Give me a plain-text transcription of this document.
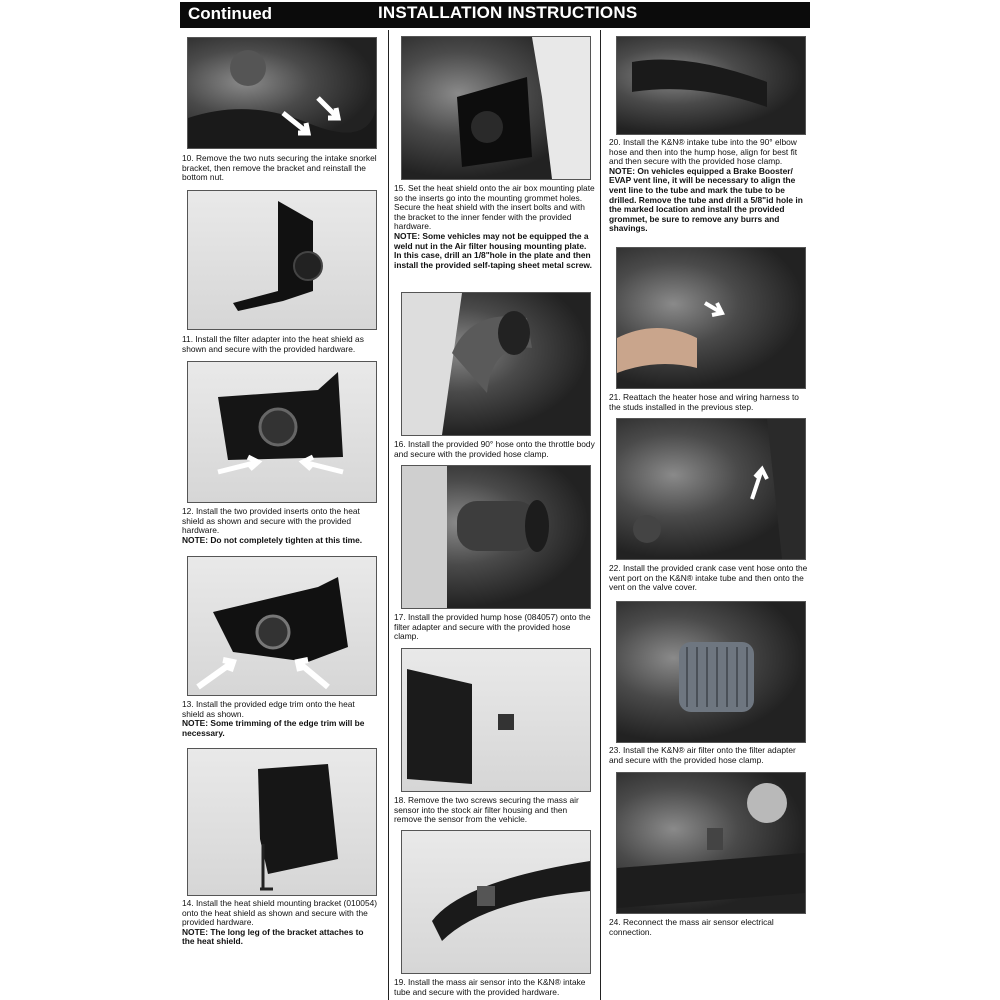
Continued	INSTALLATION INSTRUCTIONS

10. Remove the two nuts securing the intake snorkel bracket, then remove the bracket and reinstall the bottom nut.

11. Install the filter adapter into the heat shield as shown and secure with the provided hardware.

12. Install the two provided inserts onto the heat shield as shown and secure with the provided hardware.

NOTE: Do not completely tighten at this time.

13. Install the provided edge trim onto the heat shield as shown.

NOTE: Some trimming of the edge trim will be necessary.

14. Install the heat shield mounting bracket (010054) onto the heat shield as shown and secure with the provided hardware.

NOTE: The long leg of the bracket attaches to the heat shield.

15. Set the heat shield onto the air box mounting plate so the inserts go into the mounting grommet holes. Secure the heat shield with the insert bolts and with the bracket to the inner fender with the provided hardware.

NOTE: Some vehicles may not be equipped the a weld nut in the Air filter housing mounting plate. In this case, drill an 1/8"hole in the plate and then install the provided self-taping sheet metal screw.

16. Install the provided 90° hose onto the throttle body and secure with the provided hose clamp.

17. Install the provided hump hose (084057) onto the filter adapter and secure with the provided hose clamp.

18. Remove the two screws securing the mass air sensor into the stock air filter housing and then remove the sensor from the vehicle.

19. Install the mass air sensor into the K&N® intake tube and secure with the provided hardware.

20. Install the K&N® intake tube into the 90° elbow hose and then into the hump hose, align for best fit and then secure with the provided hose clamp.

NOTE: On vehicles equipped a Brake Booster/ EVAP vent line, it will be necessary to align the vent line to the tube and mark the tube to be drilled. Remove the tube and drill a 5/8"id hole in the marked location and install the provided grommet, be sure to remove any burrs and shavings.

21. Reattach the heater hose and wiring harness to the studs installed in the previous step.

22. Install the provided crank case vent hose onto the vent port on the K&N® intake tube and then onto the vent on the valve cover.

23. Install the K&N® air filter onto the filter adapter and secure with the provided hose clamp.

24. Reconnect the mass air sensor electrical connection.
